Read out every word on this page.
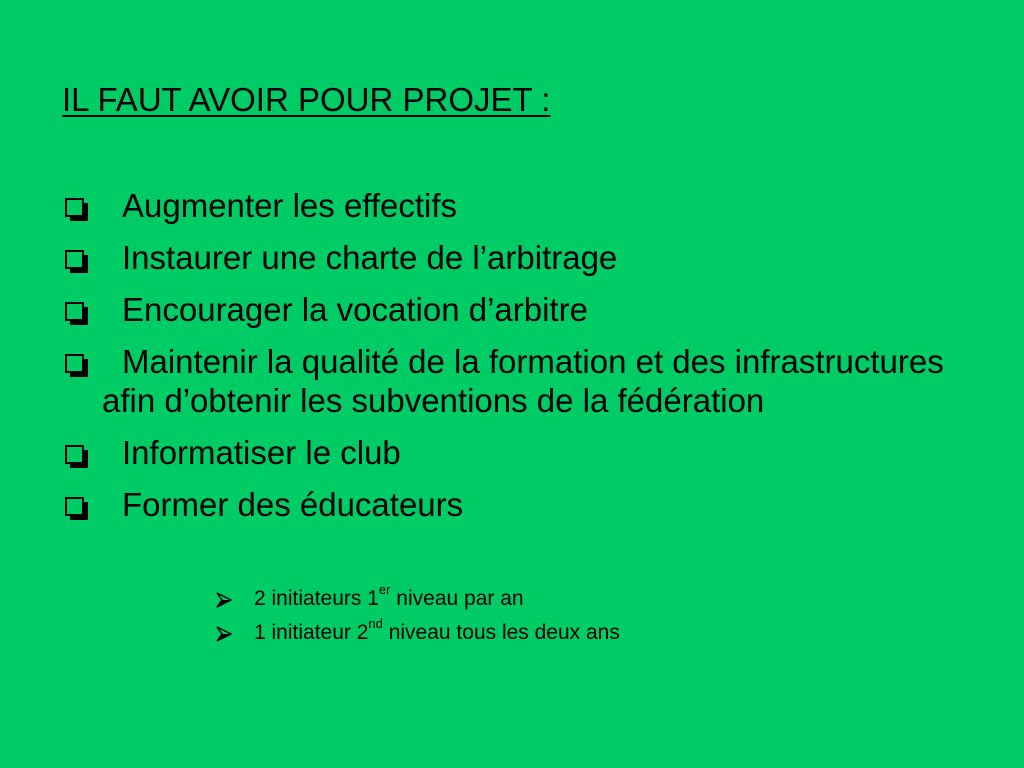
IL FAUT AVOIR POUR PROJET :
Augmenter les effectifs
Instaurer une charte de l’arbitrage
Encourager la vocation d’arbitre
Maintenir la qualité de la formation et des infrastructures afin d’obtenir les subventions de la fédération
Informatiser le club
Former des éducateurs
2 initiateurs 1er niveau par an
1 initiateur 2nd niveau tous les deux ans
